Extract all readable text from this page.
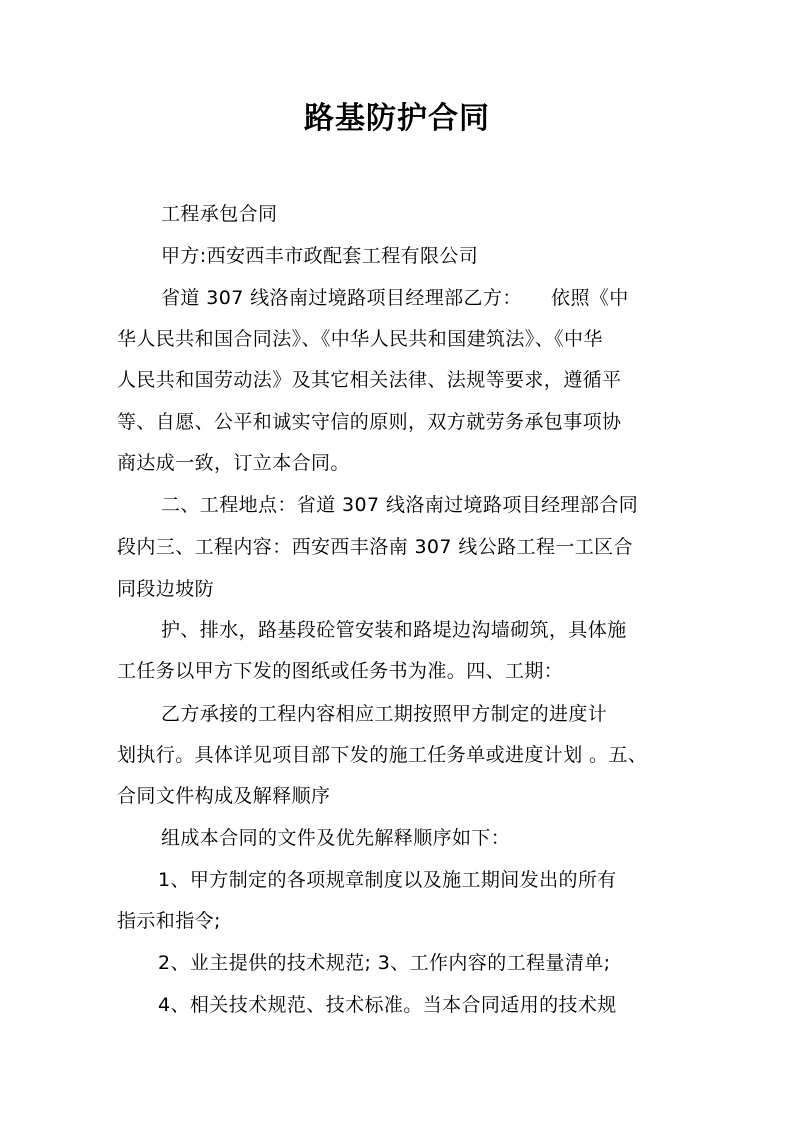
路基防护合同
工程承包合同
甲方:西安西丰市政配套工程有限公司
省道 307 线洛南过境路项目经理部乙方：　　依照《中
华人民共和国合同法》、《中华人民共和国建筑法》、《中华
人民共和国劳动法》及其它相关法律、法规等要求，遵循平
等、自愿、公平和诚实守信的原则，双方就劳务承包事项协
商达成一致，订立本合同。
二、工程地点：省道 307 线洛南过境路项目经理部合同
段内三、工程内容：西安西丰洛南 307 线公路工程一工区合
同段边坡防
护、排水，路基段砼管安装和路堤边沟墙砌筑，具体施
工任务以甲方下发的图纸或任务书为准。四、工期：
乙方承接的工程内容相应工期按照甲方制定的进度计
划执行。具体详见项目部下发的施工任务单或进度计划 。五、
合同文件构成及解释顺序
组成本合同的文件及优先解释顺序如下：
1、甲方制定的各项规章制度以及施工期间发出的所有
指示和指令;
2、业主提供的技术规范; 3、工作内容的工程量清单;
4、相关技术规范、技术标准。当本合同适用的技术规
